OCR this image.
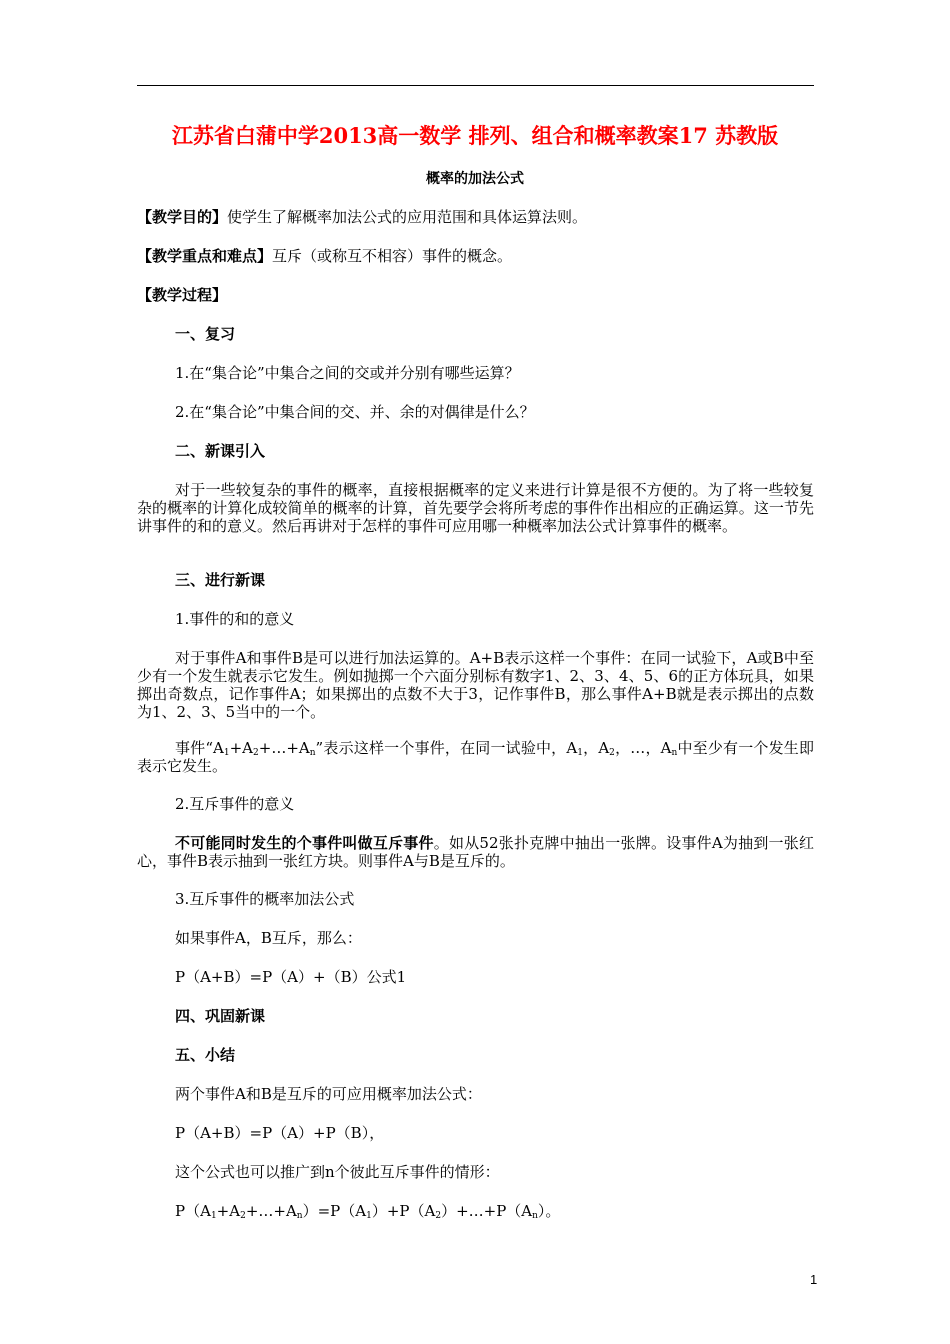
江苏省白蒲中学2013高一数学 排列、组合和概率教案17 苏教版
概率的加法公式
【教学目的】使学生了解概率加法公式的应用范围和具体运算法则。
【教学重点和难点】互斥（或称互不相容）事件的概念。
【教学过程】
一、复习
1.在“集合论”中集合之间的交或并分别有哪些运算？
2.在“集合论”中集合间的交、并、余的对偶律是什么？
二、新课引入
对于一些较复杂的事件的概率，直接根据概率的定义来进行计算是很不方便的。为了将一些较复杂的概率的计算化成较简单的概率的计算，首先要学会将所考虑的事件作出相应的正确运算。这一节先讲事件的和的意义。然后再讲对于怎样的事件可应用哪一种概率加法公式计算事件的概率。
三、进行新课
1.事件的和的意义
对于事件A和事件B是可以进行加法运算的。A+B表示这样一个事件：在同一试验下，A或B中至少有一个发生就表示它发生。例如抛掷一个六面分别标有数字1、2、3、4、5、6的正方体玩具，如果掷出奇数点，记作事件A；如果掷出的点数不大于3，记作事件B，那么事件A+B就是表示掷出的点数为1、2、3、5当中的一个。
事件“$A_1+A_2+\dots+A_n$”表示这样一个事件，在同一试验中，$A_1$，$A_2$，…，$A_n$中至少有一个发生即表示它发生。
2.互斥事件的意义
不可能同时发生的个事件叫做互斥事件。如从52张扑克牌中抽出一张牌。设事件A为抽到一张红心，事件B表示抽到一张红方块。则事件A与B是互斥的。
3.互斥事件的概率加法公式
如果事件A，B互斥，那么：
P（A+B）=P（A）+（B）公式1
四、巩固新课
五、小结
两个事件A和B是互斥的可应用概率加法公式：
P（A+B）=P（A）+P（B），
这个公式也可以推广到n个彼此互斥事件的情形：
$P(A_1+A_2+\dots+A_n)=P(A_1)+P(A_2)+\dots+P(A_n)$。
1
